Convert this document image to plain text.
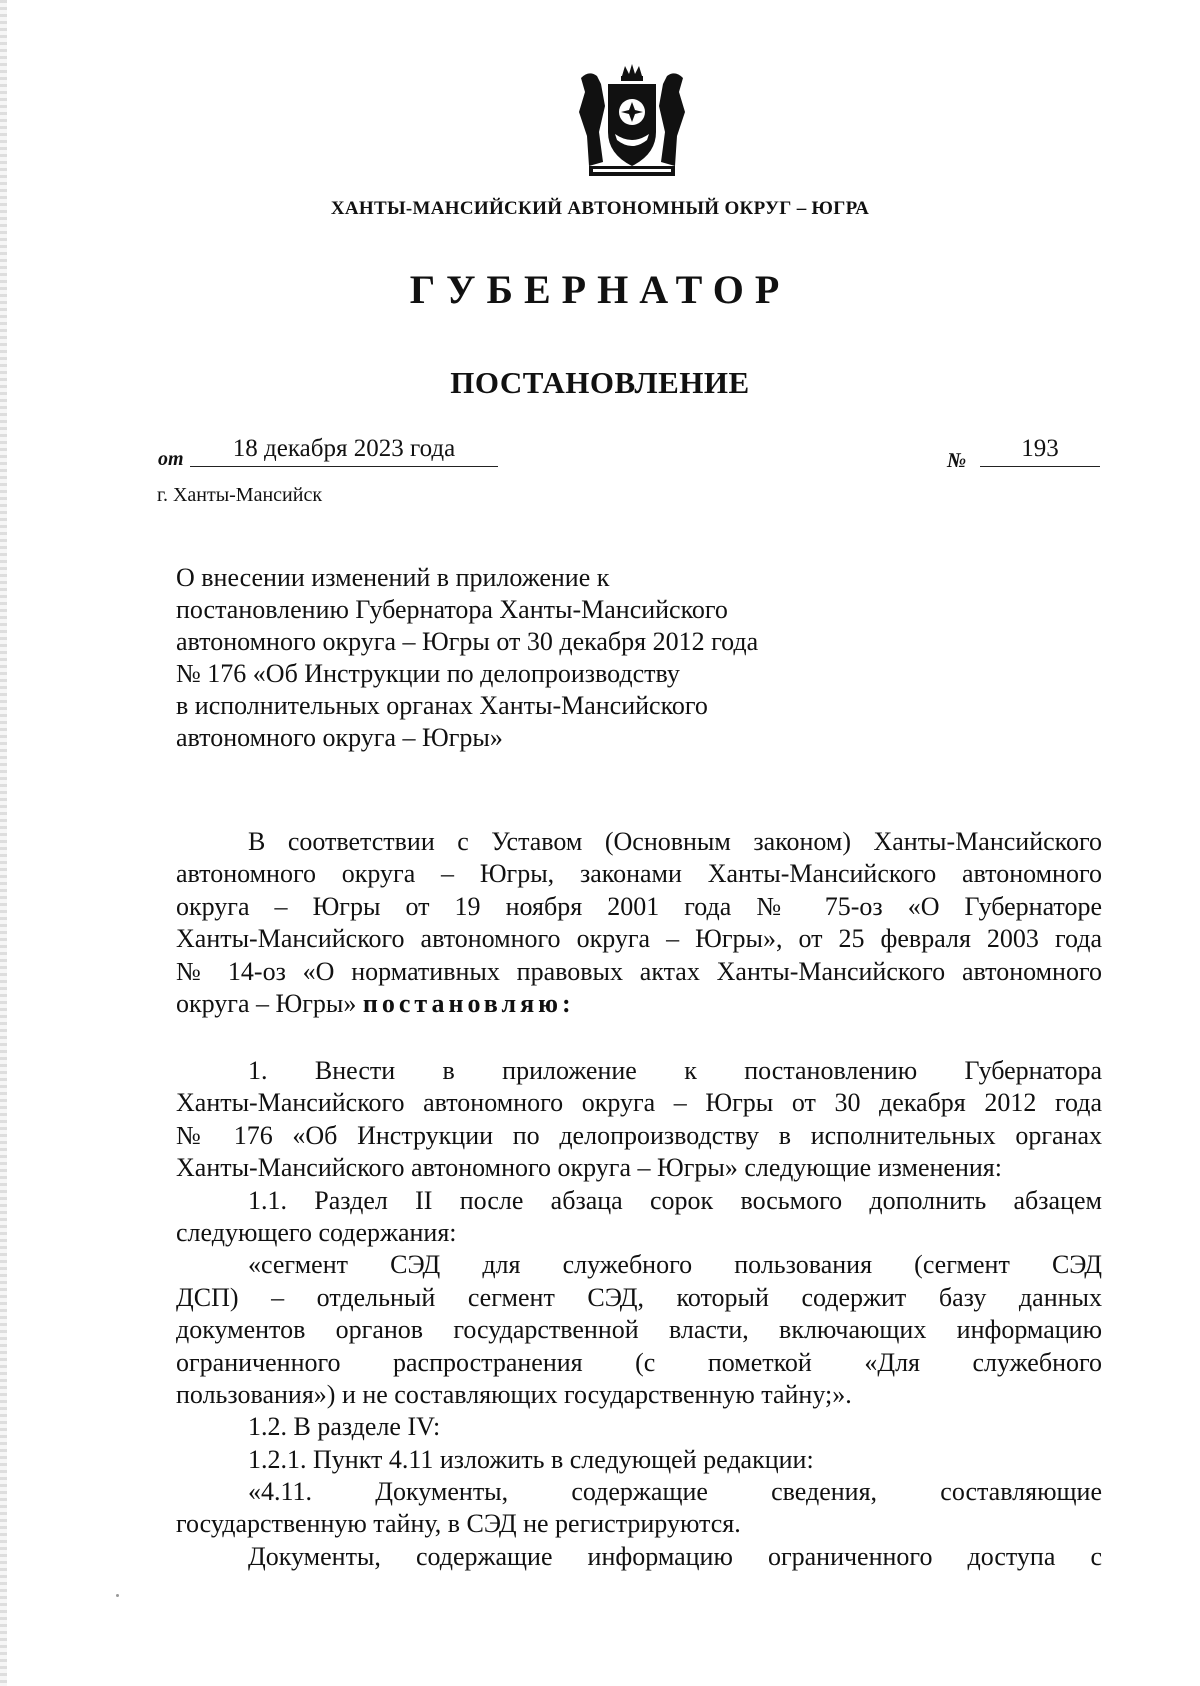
ХАНТЫ-МАНСИЙСКИЙ АВТОНОМНЫЙ ОКРУГ – ЮГРА
ГУБЕРНАТОР
ПОСТАНОВЛЕНИЕ
от	18 декабря 2023 года	№	193
г. Ханты-Мансийск
О внесении изменений в приложение к
постановлению Губернатора Ханты-Мансийского
автономного округа – Югры от 30 декабря 2012 года
№ 176 «Об Инструкции по делопроизводству
в исполнительных органах Ханты-Мансийского
автономного округа – Югры»
В соответствии с Уставом (Основным законом) Ханты-Мансийского
автономного округа – Югры, законами Ханты-Мансийского автономного
округа – Югры от 19 ноября 2001 года № 75-оз «О Губернаторе
Ханты-Мансийского автономного округа – Югры», от 25 февраля 2003 года
№ 14-оз «О нормативных правовых актах Ханты-Мансийского автономного
округа – Югры» постановляю:
1. Внести в приложение к постановлению Губернатора
Ханты-Мансийского автономного округа – Югры от 30 декабря 2012 года
№ 176 «Об Инструкции по делопроизводству в исполнительных органах
Ханты-Мансийского автономного округа – Югры» следующие изменения:
1.1. Раздел II после абзаца сорок восьмого дополнить абзацем
следующего содержания:
«сегмент СЭД для служебного пользования (сегмент СЭД
ДСП) – отдельный сегмент СЭД, который содержит базу данных
документов органов государственной власти, включающих информацию
ограниченного распространения (с пометкой «Для служебного
пользования») и не составляющих государственную тайну;».
1.2. В разделе IV:
1.2.1. Пункт 4.11 изложить в следующей редакции:
«4.11. Документы, содержащие сведения, составляющие
государственную тайну, в СЭД не регистрируются.
Документы, содержащие информацию ограниченного доступа с
